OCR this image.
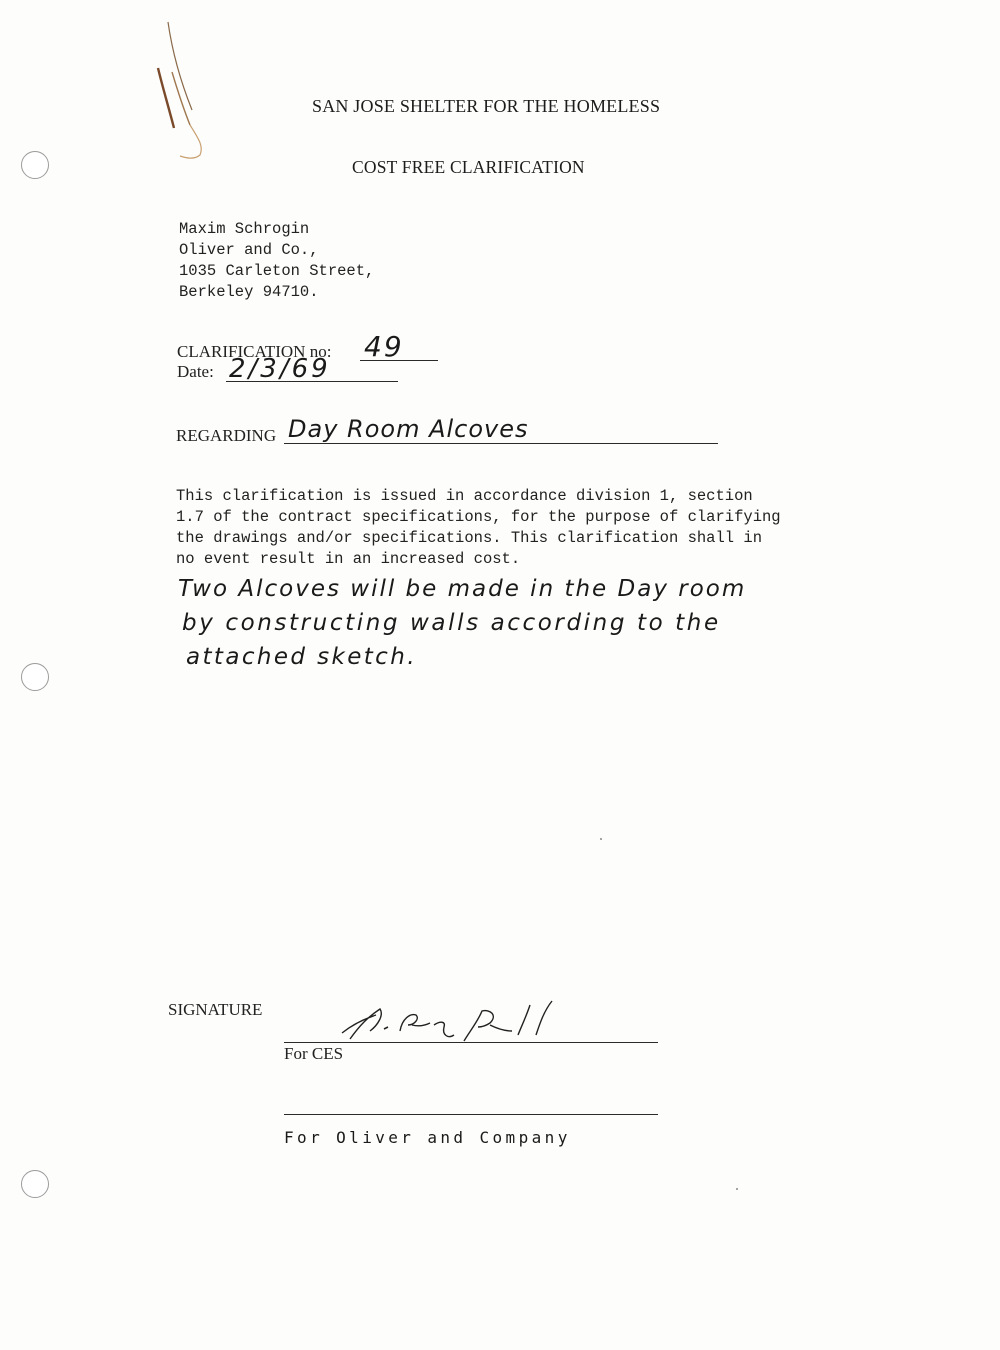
SAN JOSE SHELTER FOR THE HOMELESS
COST FREE CLARIFICATION
Maxim Schrogin
Oliver and Co.,
1035 Carleton Street,
Berkeley 94710.
CLARIFICATION no: 49
Date: 2/3/69
REGARDING Day Room Alcoves
This clarification is issued in accordance division 1, section
1.7 of the contract specifications, for the purpose of clarifying
the drawings and/or specifications. This clarification shall in
no event result in an increased cost.
Two Alcoves will be made in the Day room
by constructing walls according to the
attached sketch.
SIGNATURE
For CES
For Oliver and Company
